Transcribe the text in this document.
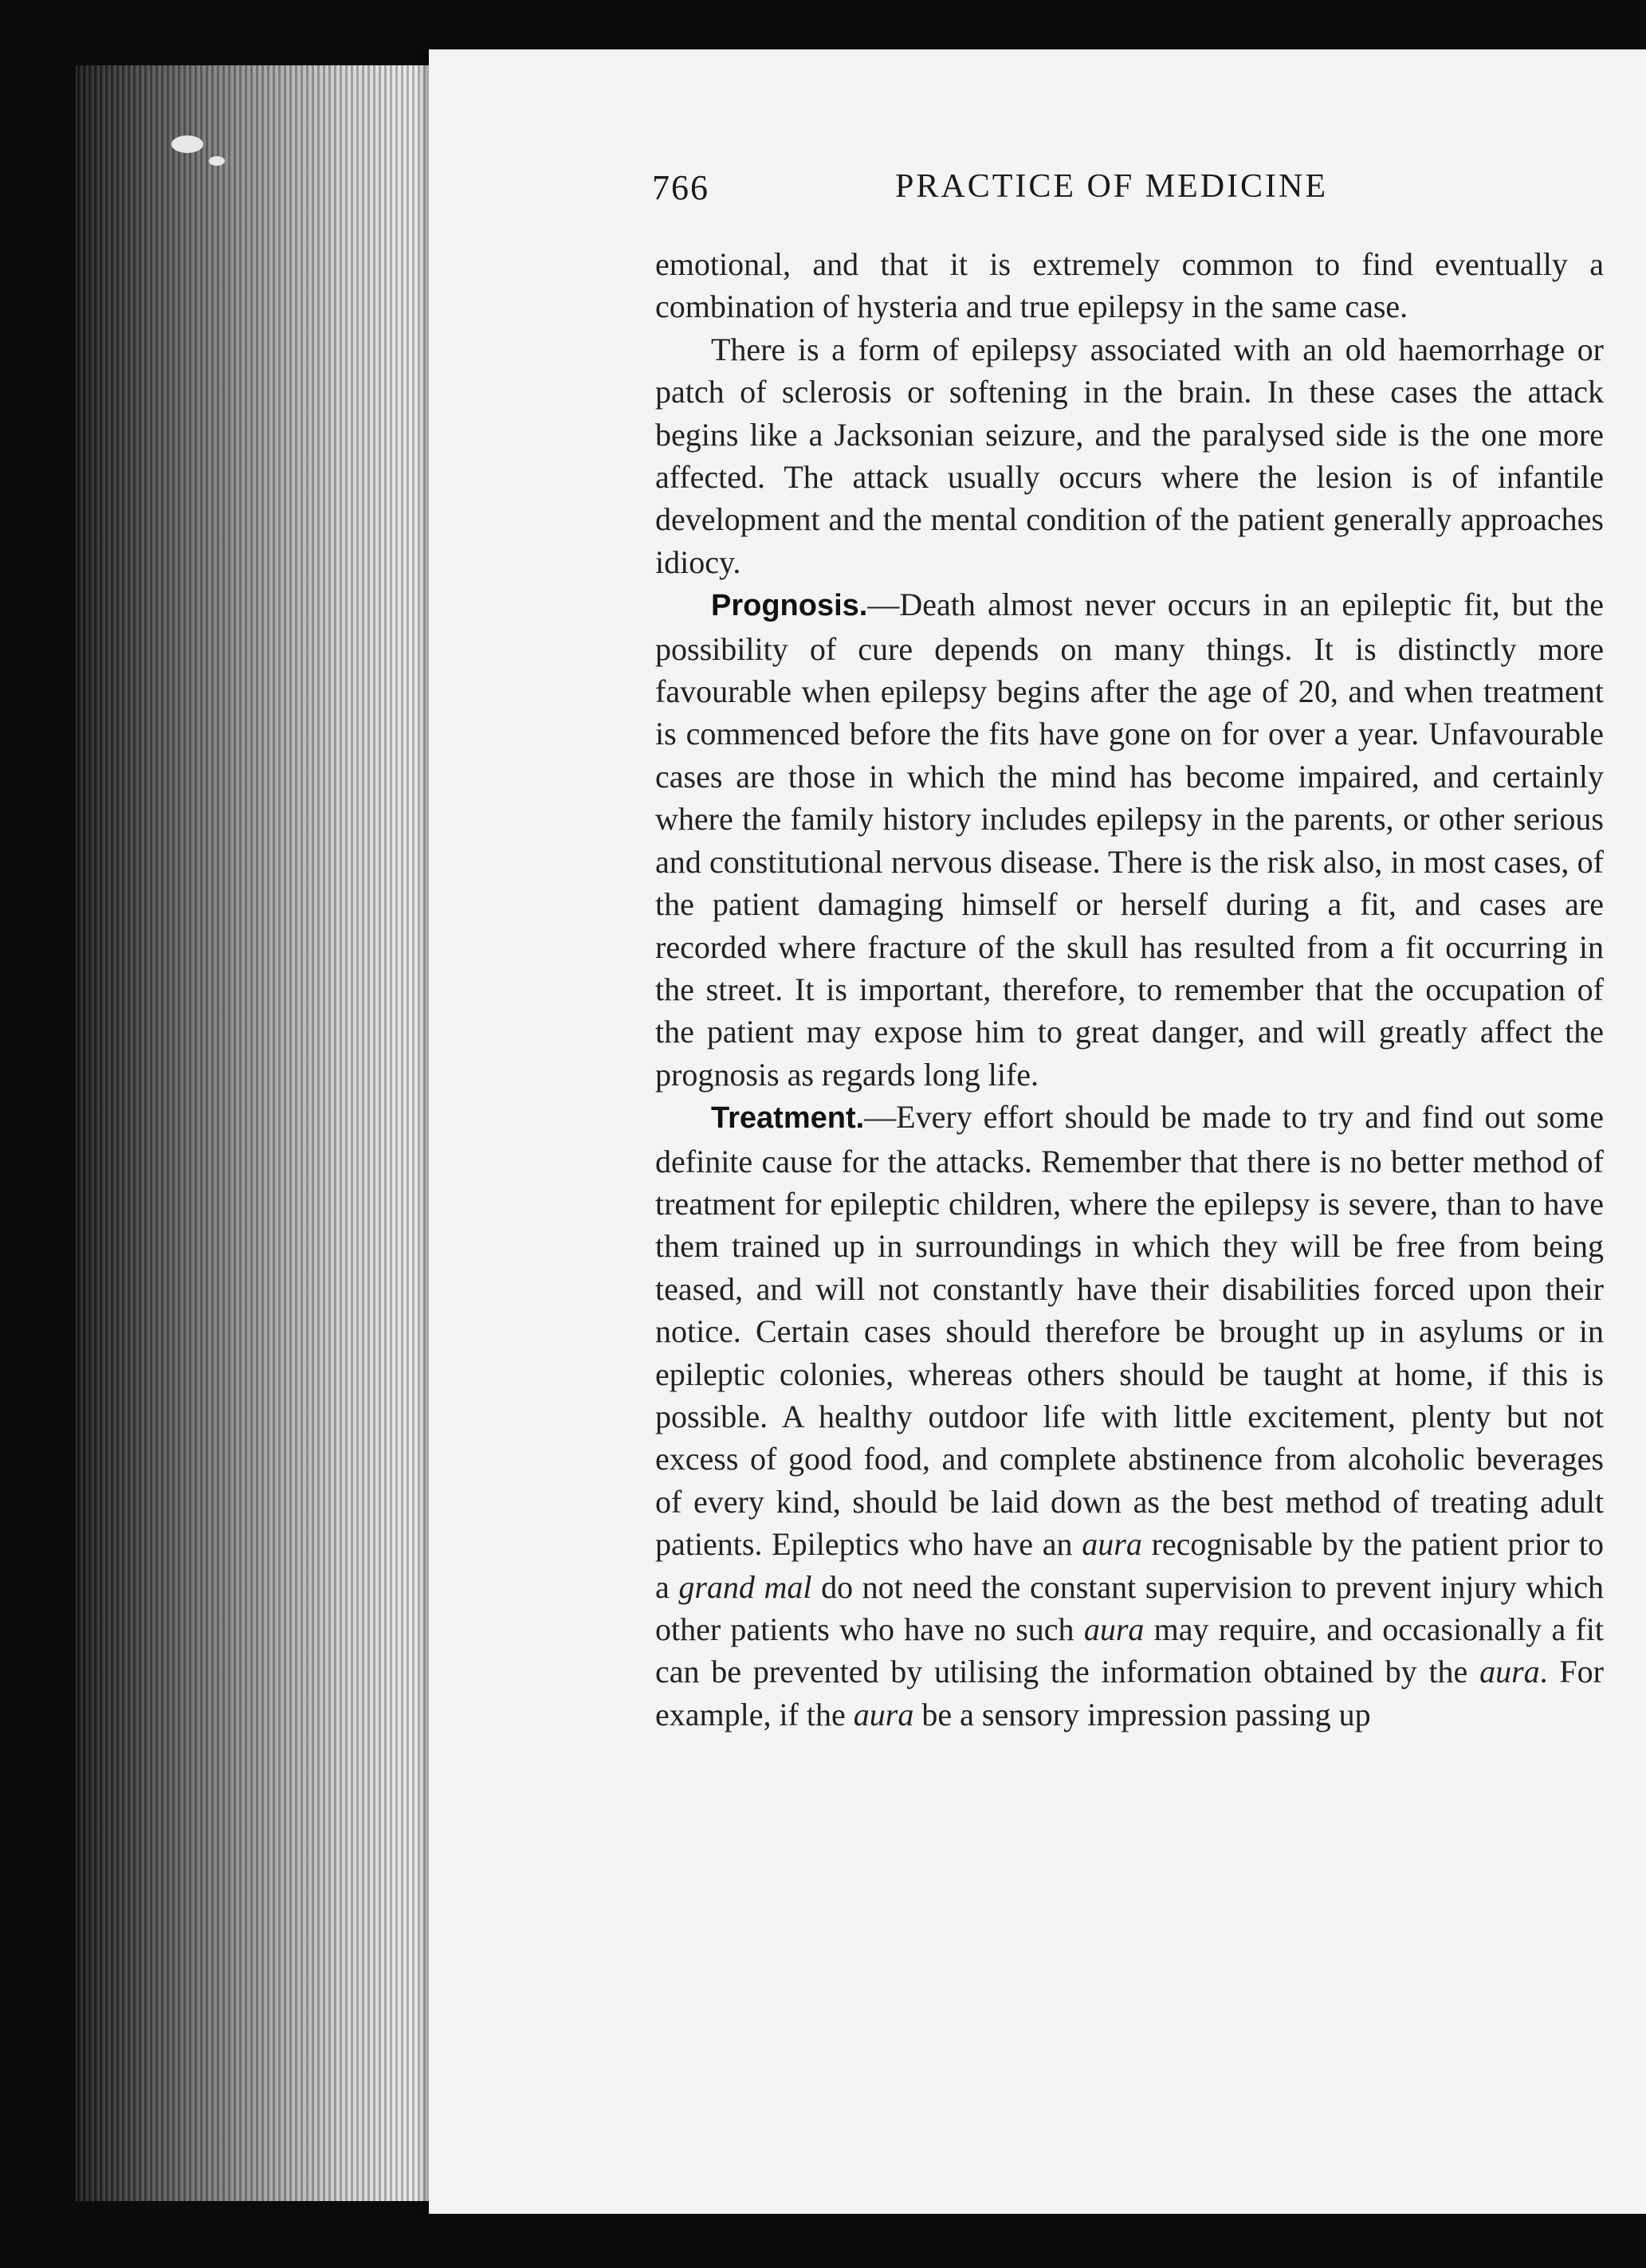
766	PRACTICE OF MEDICINE

emotional, and that it is extremely common to find eventually a combination of hysteria and true epilepsy in the same case.

There is a form of epilepsy associated with an old haemorrhage or patch of sclerosis or softening in the brain. In these cases the attack begins like a Jacksonian seizure, and the paralysed side is the one more affected. The attack usually occurs where the lesion is of infantile development and the mental condition of the patient generally approaches idiocy.

Prognosis.—Death almost never occurs in an epileptic fit, but the possibility of cure depends on many things. It is distinctly more favourable when epilepsy begins after the age of 20, and when treatment is commenced before the fits have gone on for over a year. Unfavourable cases are those in which the mind has become impaired, and certainly where the family history includes epilepsy in the parents, or other serious and constitutional nervous disease. There is the risk also, in most cases, of the patient damaging himself or herself during a fit, and cases are recorded where fracture of the skull has resulted from a fit occurring in the street. It is important, therefore, to remember that the occupation of the patient may expose him to great danger, and will greatly affect the prognosis as regards long life.

Treatment.—Every effort should be made to try and find out some definite cause for the attacks. Remember that there is no better method of treatment for epileptic children, where the epilepsy is severe, than to have them trained up in surroundings in which they will be free from being teased, and will not constantly have their disabilities forced upon their notice. Certain cases should therefore be brought up in asylums or in epileptic colonies, whereas others should be taught at home, if this is possible. A healthy outdoor life with little excitement, plenty but not excess of good food, and complete abstinence from alcoholic beverages of every kind, should be laid down as the best method of treating adult patients. Epileptics who have an aura recognisable by the patient prior to a grand mal do not need the constant supervision to prevent injury which other patients who have no such aura may require, and occasionally a fit can be prevented by utilising the information obtained by the aura. For example, if the aura be a sensory impression passing up
